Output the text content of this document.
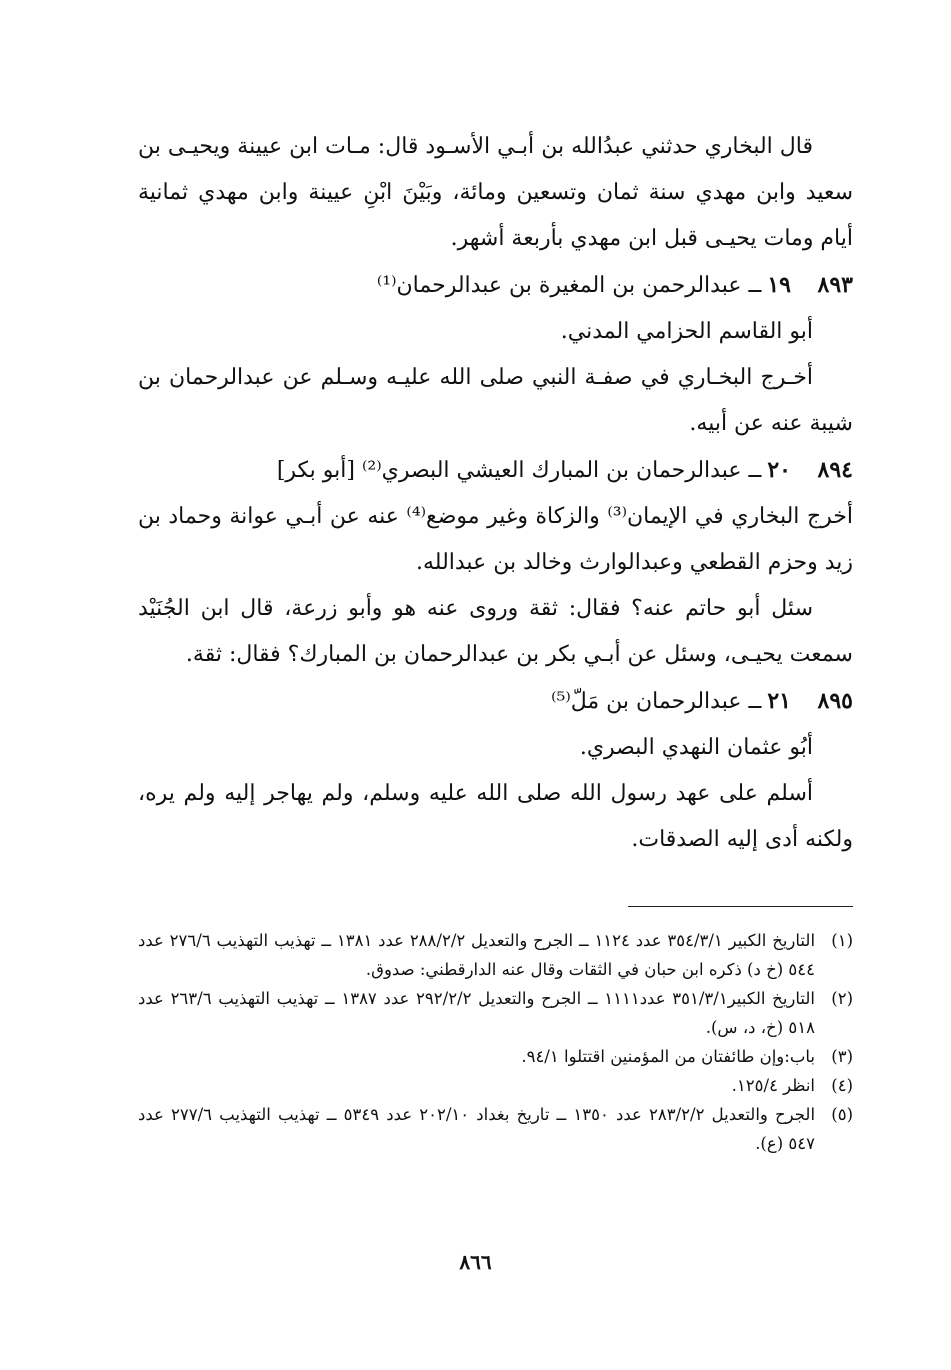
قال البخاري حدثني عبدُالله بن أبـي الأسـود قال: مـات ابن عيينة ويحيـى بن سعيد وابن مهدي سنة ثمان وتسعين ومائة، وبَيْنَ ابْنِ عيينة وابن مهدي ثمانية أيام ومات يحيـى قبل ابن مهدي بأربعة أشهر.

٨٩٣
١٩
ــ عبدالرحمن بن المغيرة بن عبدالرحمان⁽¹⁾

أبو القاسم الحزامي المدني.

أخـرج البخـاري في صفـة النبي صلى الله عليـه وسـلم عن عبدالرحمان بن شيبة عنه عن أبيه.

٨٩٤
٢٠
ــ عبدالرحمان بن المبارك العيشي البصري⁽²⁾ [أبو بكر]

أخرج البخاري في الإيمان⁽³⁾ والزكاة وغير موضع⁽⁴⁾ عنه عن أبـي عوانة وحماد بن زيد وحزم القطعي وعبدالوارث وخالد بن عبدالله.

سئل أبو حاتم عنه؟ فقال: ثقة وروى عنه هو وأبو زرعة، قال ابن الجُنَيْد سمعت يحيـى، وسئل عن أبـي بكر بن عبدالرحمان بن المبارك؟ فقال: ثقة.

٨٩٥
٢١
ــ عبدالرحمان بن مَلّ⁽⁵⁾

أبُو عثمان النهدي البصري.

أسلم على عهد رسول الله صلى الله عليه وسلم، ولم يهاجر إليه ولم يره، ولكنه أدى إليه الصدقات.

(١)
التاريخ الكبير ٣٥٤/٣/١ عدد ١١٢٤ ــ الجرح والتعديل ٢٨٨/٢/٢ عدد ١٣٨١ ــ تهذيب التهذيب ٢٧٦/٦ عدد ٥٤٤ (خ د) ذكره ابن حبان في الثقات وقال عنه الدارقطني: صدوق.
(٢)
التاريخ الكبير٣٥١/٣/١ عدد١١١١ ــ الجرح والتعديل ٢٩٢/٢/٢ عدد ١٣٨٧ ــ تهذيب التهذيب ٢٦٣/٦ عدد ٥١٨ (خ، د، س).
(٣)
باب:وإن طائفتان من المؤمنين اقتتلوا ٩٤/١.
(٤)
انظر ١٢٥/٤.
(٥)
الجرح والتعديل ٢٨٣/٢/٢ عدد ١٣٥٠ ــ تاريخ بغداد ٢٠٢/١٠ عدد ٥٣٤٩ ــ تهذيب التهذيب ٢٧٧/٦ عدد ٥٤٧ (ع).
٨٦٦
